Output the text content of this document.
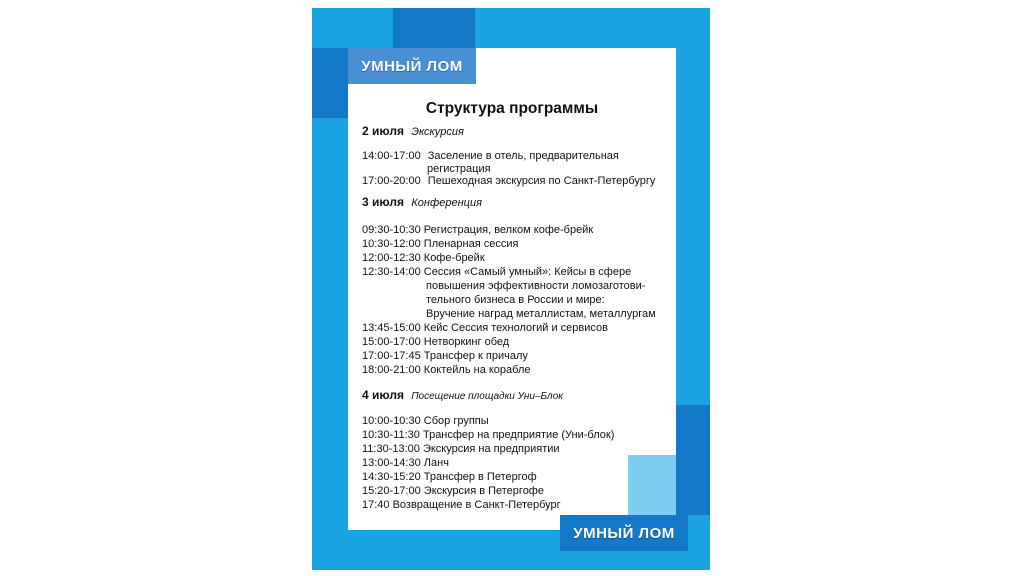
УМНЫЙ ЛОМ
УМНЫЙ ЛОМ
Структура программы
2 июля Экскурсия
14:00-17:00 Заселение в отель, предварительная
регистрация
17:00-20:00 Пешеходная экскурсия по Санкт-Петербургу
3 июля Конференция
09:30-10:30 Регистрация, велком кофе-брейк
10:30-12:00 Пленарная сессия
12:00-12:30 Кофе-брейк
12:30-14:00 Сессия «Самый умный»: Кейсы в сфере
повышения эффективности ломозаготови-
тельного бизнеса в России и мире:
Вручение наград металлистам, металлургам
13:45-15:00 Кейс Сессия технологий и сервисов
15:00-17:00 Нетворкинг обед
17:00-17:45 Трансфер к причалу
18:00-21:00 Коктейль на корабле
4 июля Посещение площадки Уни–Блок
10:00-10:30 Сбор группы
10:30-11:30 Трансфер на предприятие (Уни-блок)
11:30-13:00 Экскурсия на предприятии
13:00-14:30 Ланч
14:30-15:20 Трансфер в Петергоф
15:20-17:00 Экскурсия в Петергофе
17:40 Возвращение в Санкт-Петербург
